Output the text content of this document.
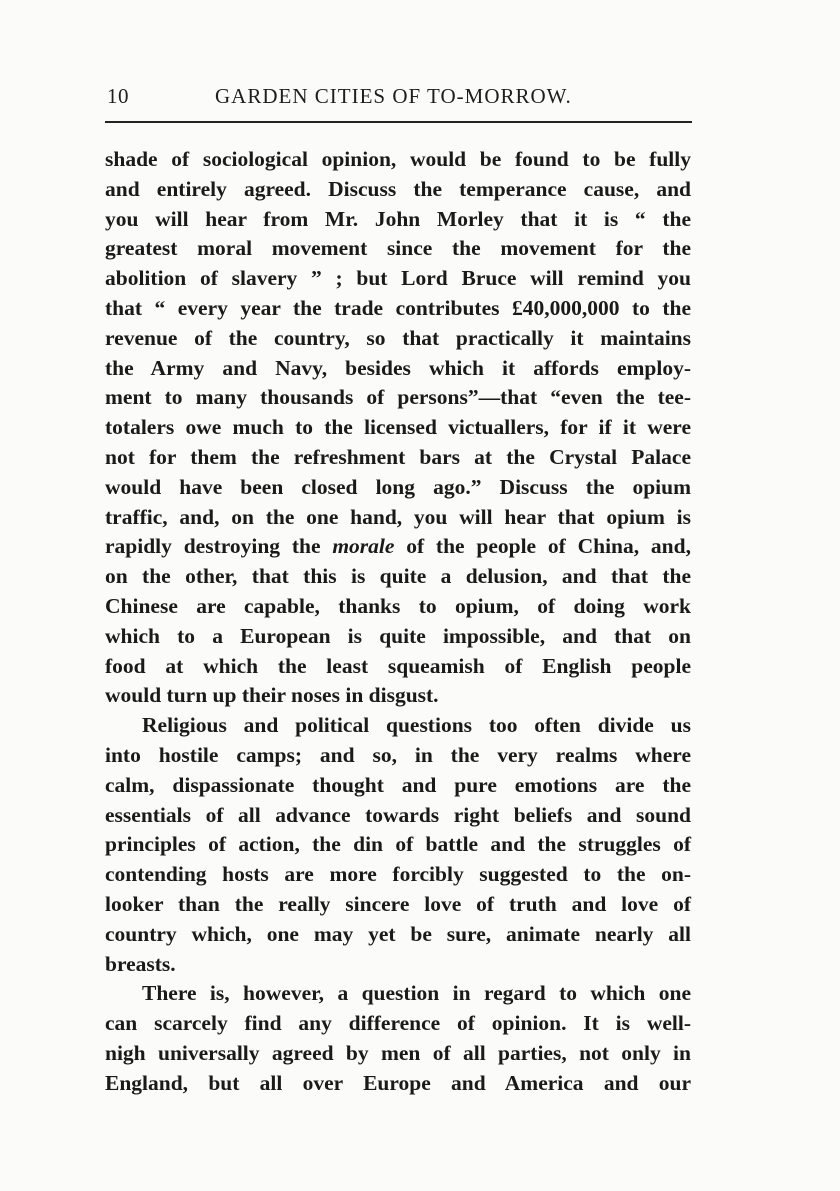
10	GARDEN CITIES OF TO-MORROW.
shade of sociological opinion, would be found to be fully
and entirely agreed. Discuss the temperance cause, and
you will hear from Mr. John Morley that it is “ the
greatest moral movement since the movement for the
abolition of slavery ” ; but Lord Bruce will remind you
that “ every year the trade contributes £40,000,000 to the
revenue of the country, so that practically it maintains
the Army and Navy, besides which it affords employ-
ment to many thousands of persons”—that “even the tee-
totalers owe much to the licensed victuallers, for if it were
not for them the refreshment bars at the Crystal Palace
would have been closed long ago.” Discuss the opium
traffic, and, on the one hand, you will hear that opium is
rapidly destroying the morale of the people of China, and,
on the other, that this is quite a delusion, and that the
Chinese are capable, thanks to opium, of doing work
which to a European is quite impossible, and that on
food at which the least squeamish of English people
would turn up their noses in disgust.
Religious and political questions too often divide us
into hostile camps; and so, in the very realms where
calm, dispassionate thought and pure emotions are the
essentials of all advance towards right beliefs and sound
principles of action, the din of battle and the struggles of
contending hosts are more forcibly suggested to the on-
looker than the really sincere love of truth and love of
country which, one may yet be sure, animate nearly all
breasts.
There is, however, a question in regard to which one
can scarcely find any difference of opinion. It is well-
nigh universally agreed by men of all parties, not only in
England, but all over Europe and America and our
